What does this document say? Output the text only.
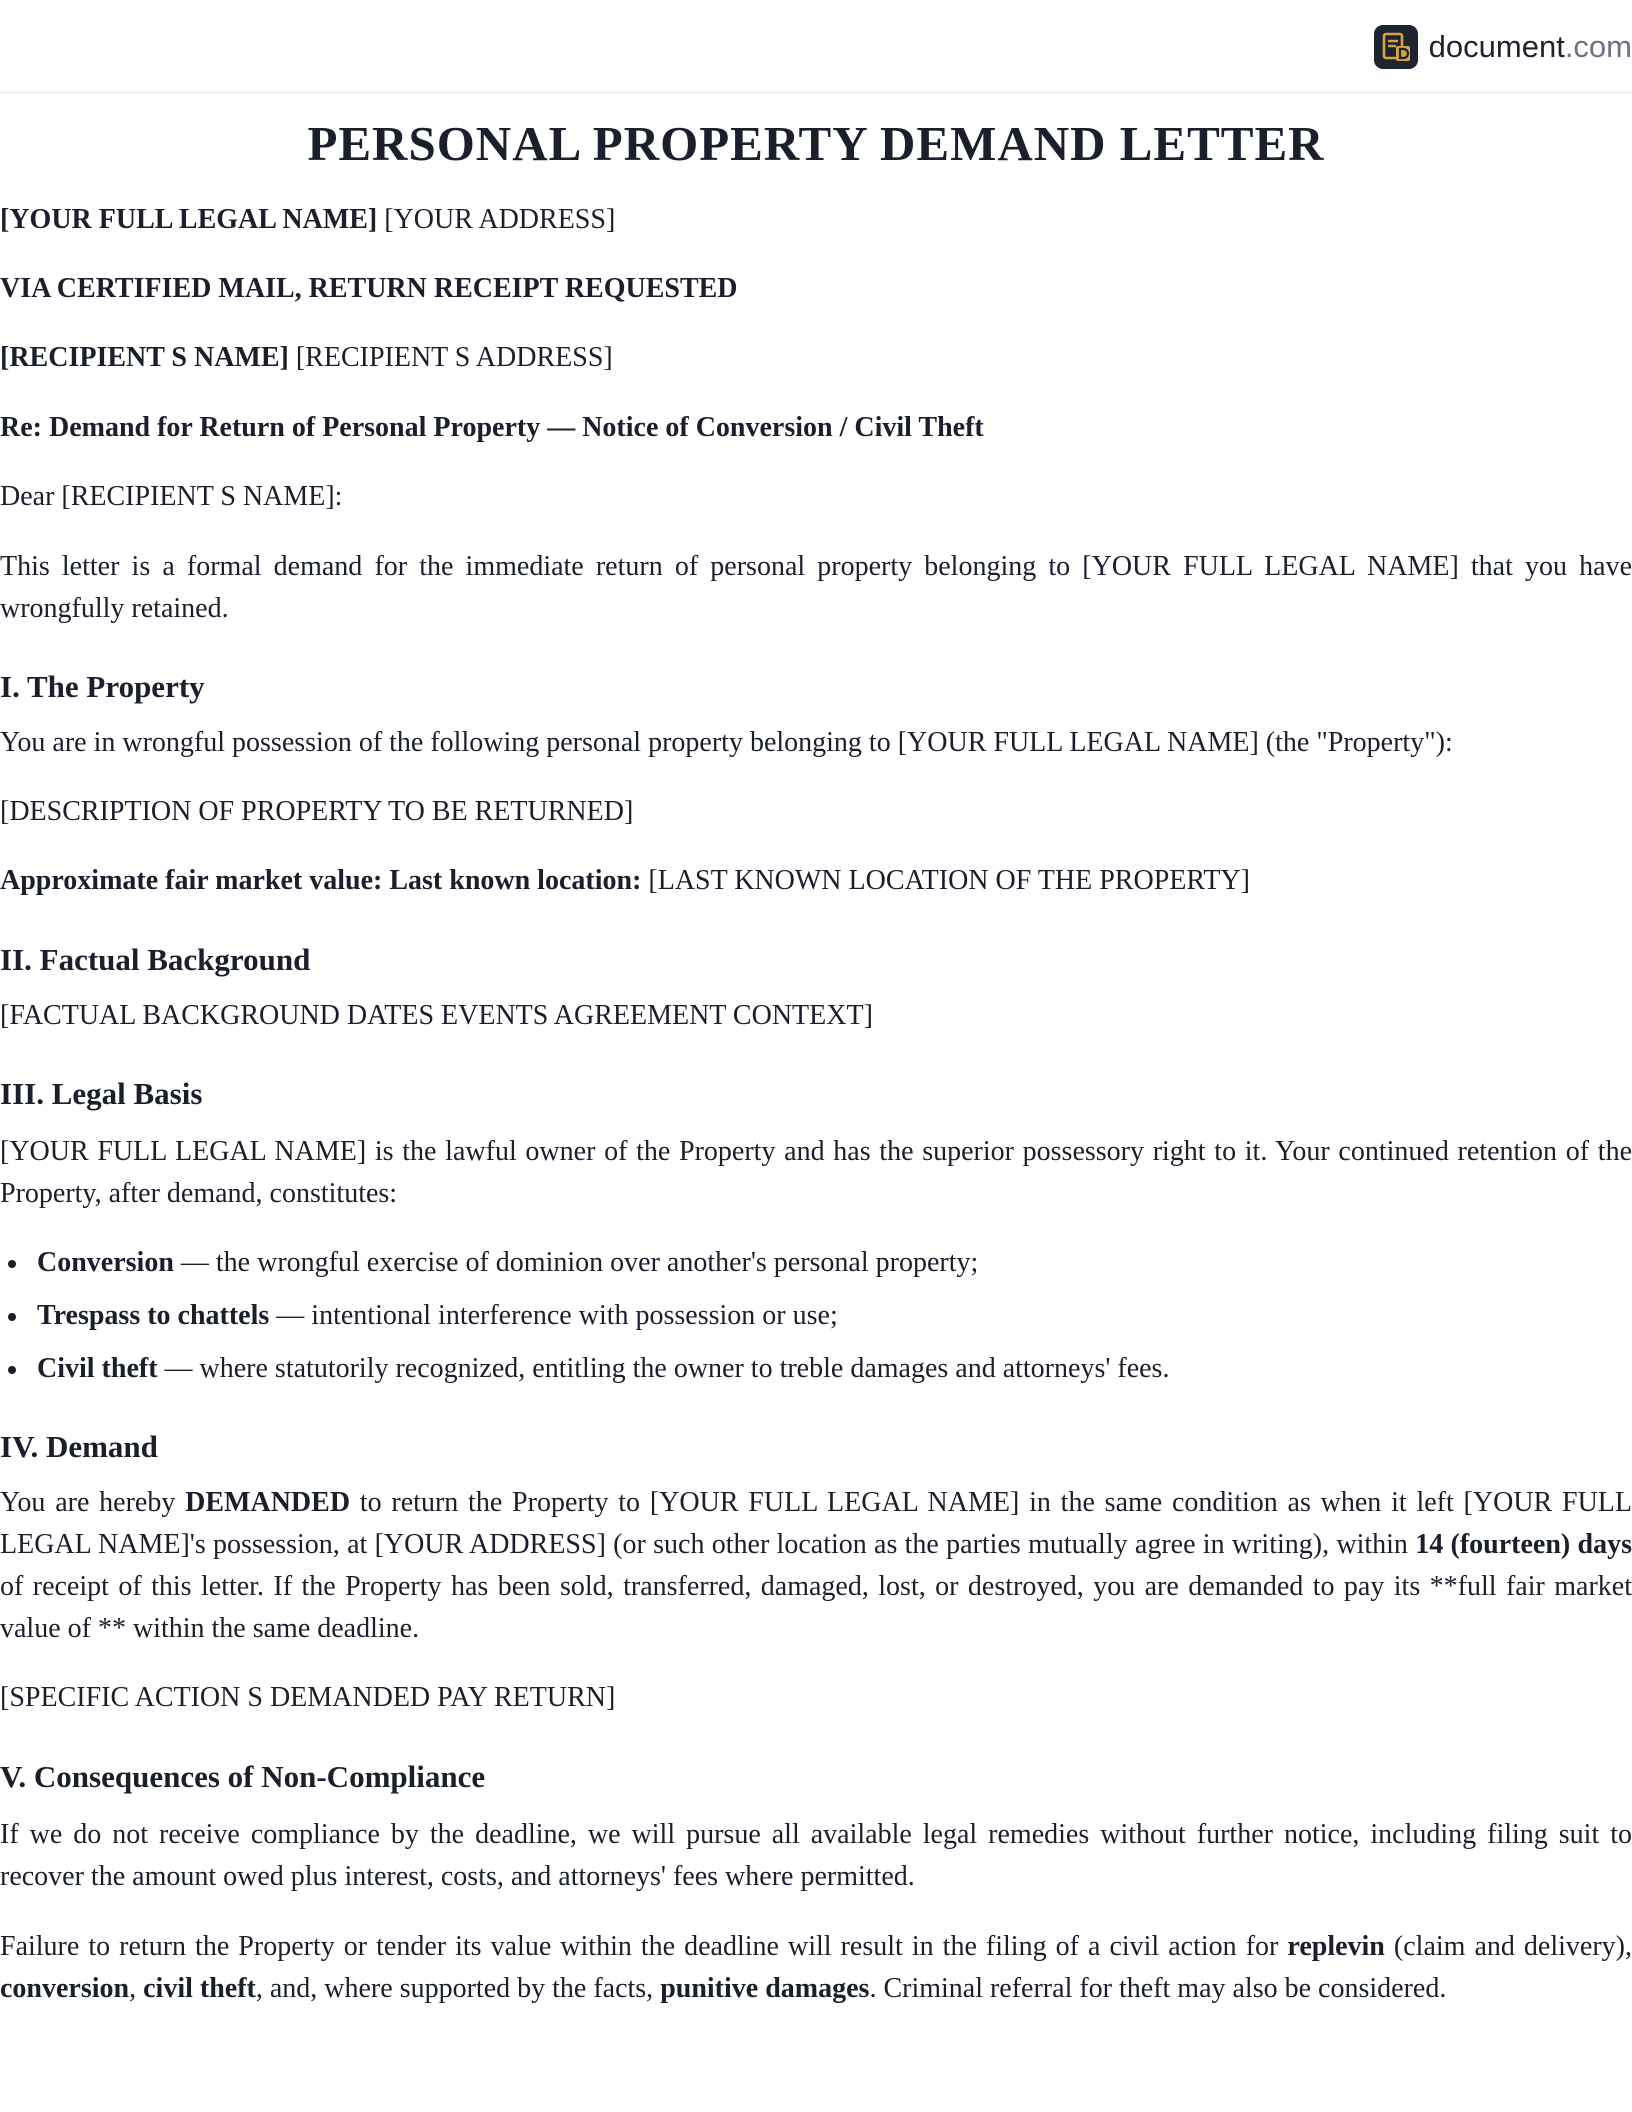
document.com
PERSONAL PROPERTY DEMAND LETTER

[YOUR FULL LEGAL NAME] [YOUR ADDRESS]

VIA CERTIFIED MAIL, RETURN RECEIPT REQUESTED

[RECIPIENT S NAME] [RECIPIENT S ADDRESS]

Re: Demand for Return of Personal Property — Notice of Conversion / Civil Theft

Dear [RECIPIENT S NAME]:

This letter is a formal demand for the immediate return of personal property belonging to [YOUR FULL LEGAL NAME] that you have wrongfully retained.

I. The Property

You are in wrongful possession of the following personal property belonging to [YOUR FULL LEGAL NAME] (the "Property"):

[DESCRIPTION OF PROPERTY TO BE RETURNED]

Approximate fair market value: Last known location: [LAST KNOWN LOCATION OF THE PROPERTY]

II. Factual Background

[FACTUAL BACKGROUND DATES EVENTS AGREEMENT CONTEXT]

III. Legal Basis

[YOUR FULL LEGAL NAME] is the lawful owner of the Property and has the superior possessory right to it. Your continued retention of the Property, after demand, constitutes:

Conversion — the wrongful exercise of dominion over another's personal property;
Trespass to chattels — intentional interference with possession or use;
Civil theft — where statutorily recognized, entitling the owner to treble damages and attorneys' fees.
IV. Demand

You are hereby DEMANDED to return the Property to [YOUR FULL LEGAL NAME] in the same condition as when it left [YOUR FULL LEGAL NAME]'s possession, at [YOUR ADDRESS] (or such other location as the parties mutually agree in writing), within 14 (fourteen) days of receipt of this letter. If the Property has been sold, transferred, damaged, lost, or destroyed, you are demanded to pay its **full fair market value of ** within the same deadline.

[SPECIFIC ACTION S DEMANDED PAY RETURN]

V. Consequences of Non-Compliance

If we do not receive compliance by the deadline, we will pursue all available legal remedies without further notice, including filing suit to recover the amount owed plus interest, costs, and attorneys' fees where permitted.

Failure to return the Property or tender its value within the deadline will result in the filing of a civil action for replevin (claim and delivery), conversion, civil theft, and, where supported by the facts, punitive damages. Criminal referral for theft may also be considered.
